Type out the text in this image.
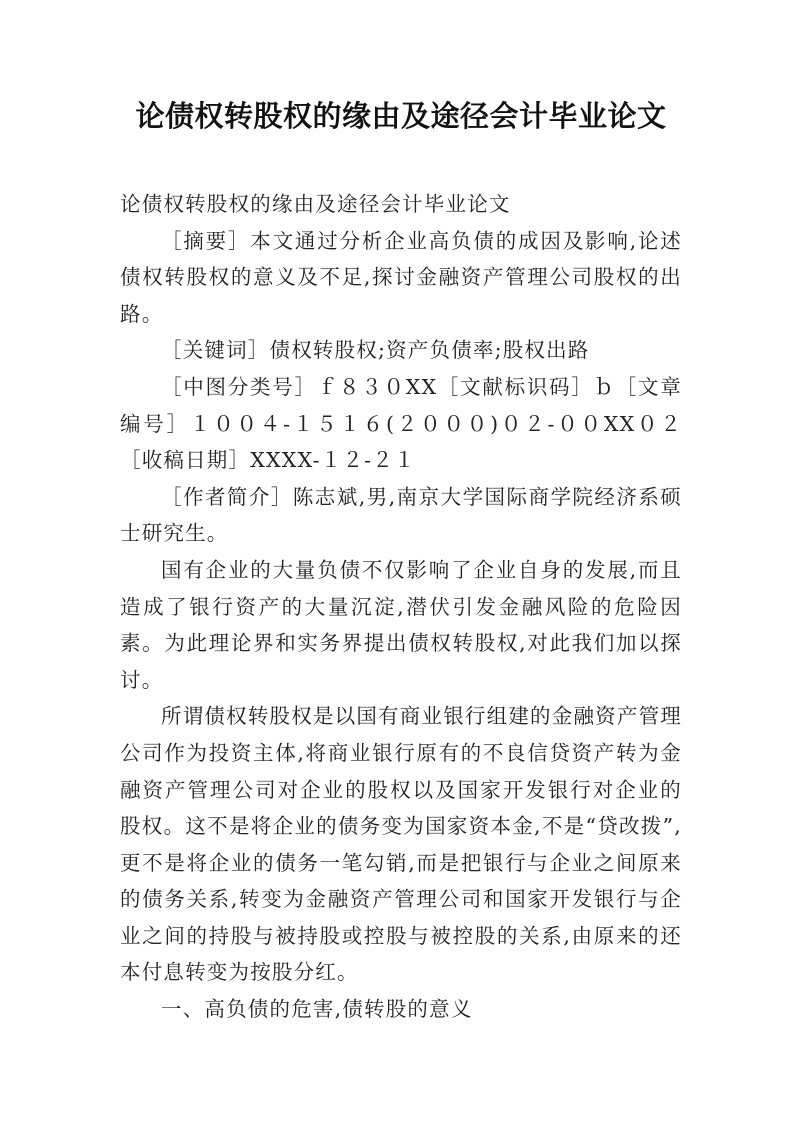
论债权转股权的缘由及途径会计毕业论文

论债权转股权的缘由及途径会计毕业论文

［摘要］本文通过分析企业高负债的成因及影响,论述债权转股权的意义及不足,探讨金融资产管理公司股权的出路。

［关键词］债权转股权;资产负债率;股权出路

［中图分类号］ｆ８３０XX［文献标识码］ｂ［文章编号］１００４-１５１６(２０００)０２-００XX０２［收稿日期］XXXX-１２-２１

［作者简介］陈志斌,男,南京大学国际商学院经济系硕士研究生。

国有企业的大量负债不仅影响了企业自身的发展,而且造成了银行资产的大量沉淀,潜伏引发金融风险的危险因素。为此理论界和实务界提出债权转股权,对此我们加以探讨。

所谓债权转股权是以国有商业银行组建的金融资产管理公司作为投资主体,将商业银行原有的不良信贷资产转为金融资产管理公司对企业的股权以及国家开发银行对企业的股权。这不是将企业的债务变为国家资本金,不是“贷改拨”,更不是将企业的债务一笔勾销,而是把银行与企业之间原来的债务关系,转变为金融资产管理公司和国家开发银行与企业之间的持股与被持股或控股与被控股的关系,由原来的还本付息转变为按股分红。

一、高负债的危害,债转股的意义
